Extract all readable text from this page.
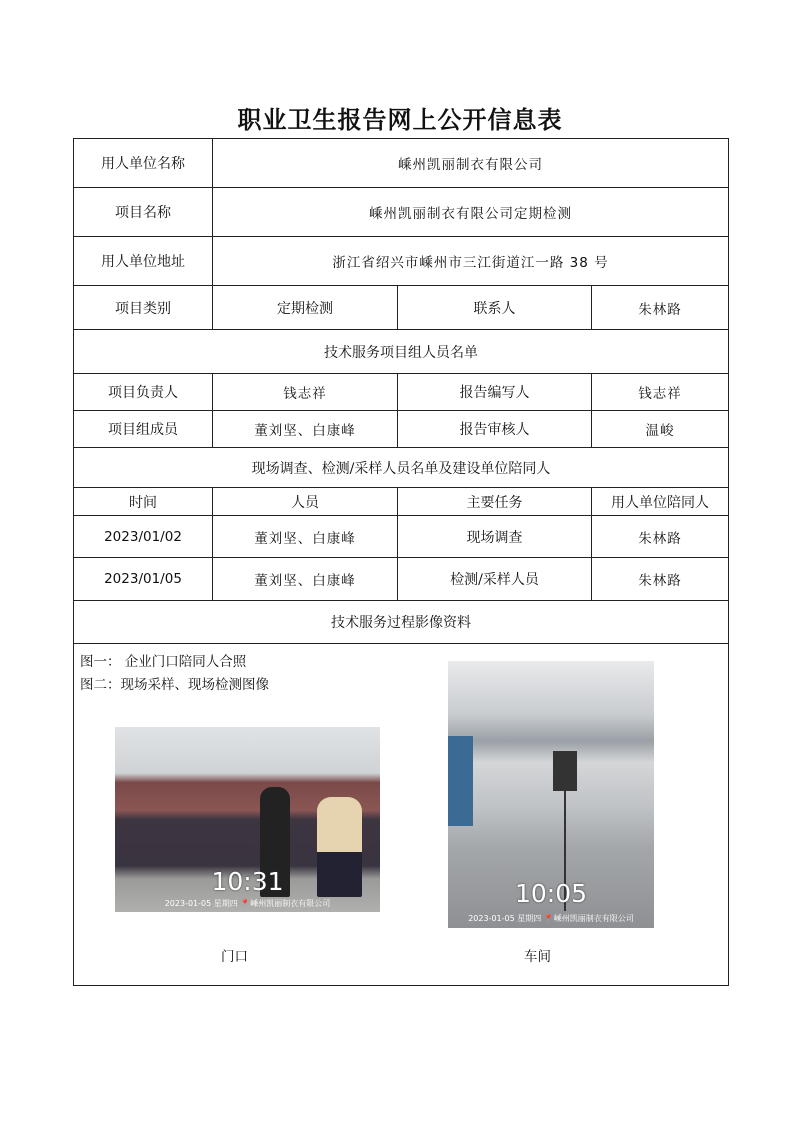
职业卫生报告网上公开信息表
用人单位名称	嵊州凯丽制衣有限公司
项目名称	嵊州凯丽制衣有限公司定期检测
用人单位地址	浙江省绍兴市嵊州市三江街道江一路 38 号
项目类别	定期检测	联系人	朱林路
技术服务项目组人员名单
项目负责人	钱志祥	报告编写人	钱志祥
项目组成员	董刘坚、白康峰	报告审核人	温峻
现场调查、检测/采样人员名单及建设单位陪同人
时间	人员	主要任务	用人单位陪同人
2023/01/02	董刘坚、白康峰	现场调查	朱林路
2023/01/05	董刘坚、白康峰	检测/采样人员	朱林路
技术服务过程影像资料
图一： 企业门口陪同人合照
图二：现场采样、现场检测图像
10:31
2023-01-05 星期四 📍嵊州凯丽制衣有限公司	10:05
2023-01-05 星期四 📍嵊州凯丽制衣有限公司
门口	车间
